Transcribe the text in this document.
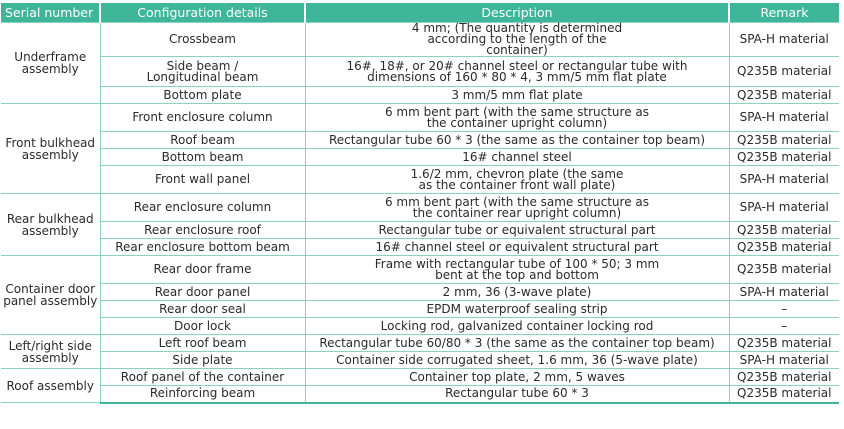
Serial number	Configuration details	Description	Remark
Underframe assembly	Crossbeam	4 mm; (The quantity is determined according to the length of the container)	SPA-H material
	Side beam / Longitudinal beam	16#, 18#, or 20# channel steel or rectangular tube with dimensions of 160 * 80 * 4, 3 mm/5 mm flat plate	Q235B material
	Bottom plate	3 mm/5 mm flat plate	Q235B material
Front bulkhead assembly	Front enclosure column	6 mm bent part (with the same structure as the container upright column)	SPA-H material
	Roof beam	Rectangular tube 60 * 3 (the same as the container top beam)	Q235B material
	Bottom beam	16# channel steel	Q235B material
	Front wall panel	1.6/2 mm, chevron plate (the same as the container front wall plate)	SPA-H material
Rear bulkhead assembly	Rear enclosure column	6 mm bent part (with the same structure as the container rear upright column)	SPA-H material
	Rear enclosure roof	Rectangular tube or equivalent structural part	Q235B material
	Rear enclosure bottom beam	16# channel steel or equivalent structural part	Q235B material
Container door panel assembly	Rear door frame	Frame with rectangular tube of 100 * 50; 3 mm bent at the top and bottom	Q235B material
	Rear door panel	2 mm, 36 (3-wave plate)	SPA-H material
	Rear door seal	EPDM waterproof sealing strip	–
	Door lock	Locking rod, galvanized container locking rod	–
Left/right side assembly	Left roof beam	Rectangular tube 60/80 * 3 (the same as the container top beam)	Q235B material
	Side plate	Container side corrugated sheet, 1.6 mm, 36 (5-wave plate)	SPA-H material
Roof assembly	Roof panel of the container	Container top plate, 2 mm, 5 waves	Q235B material
	Reinforcing beam	Rectangular tube 60 * 3	Q235B material
